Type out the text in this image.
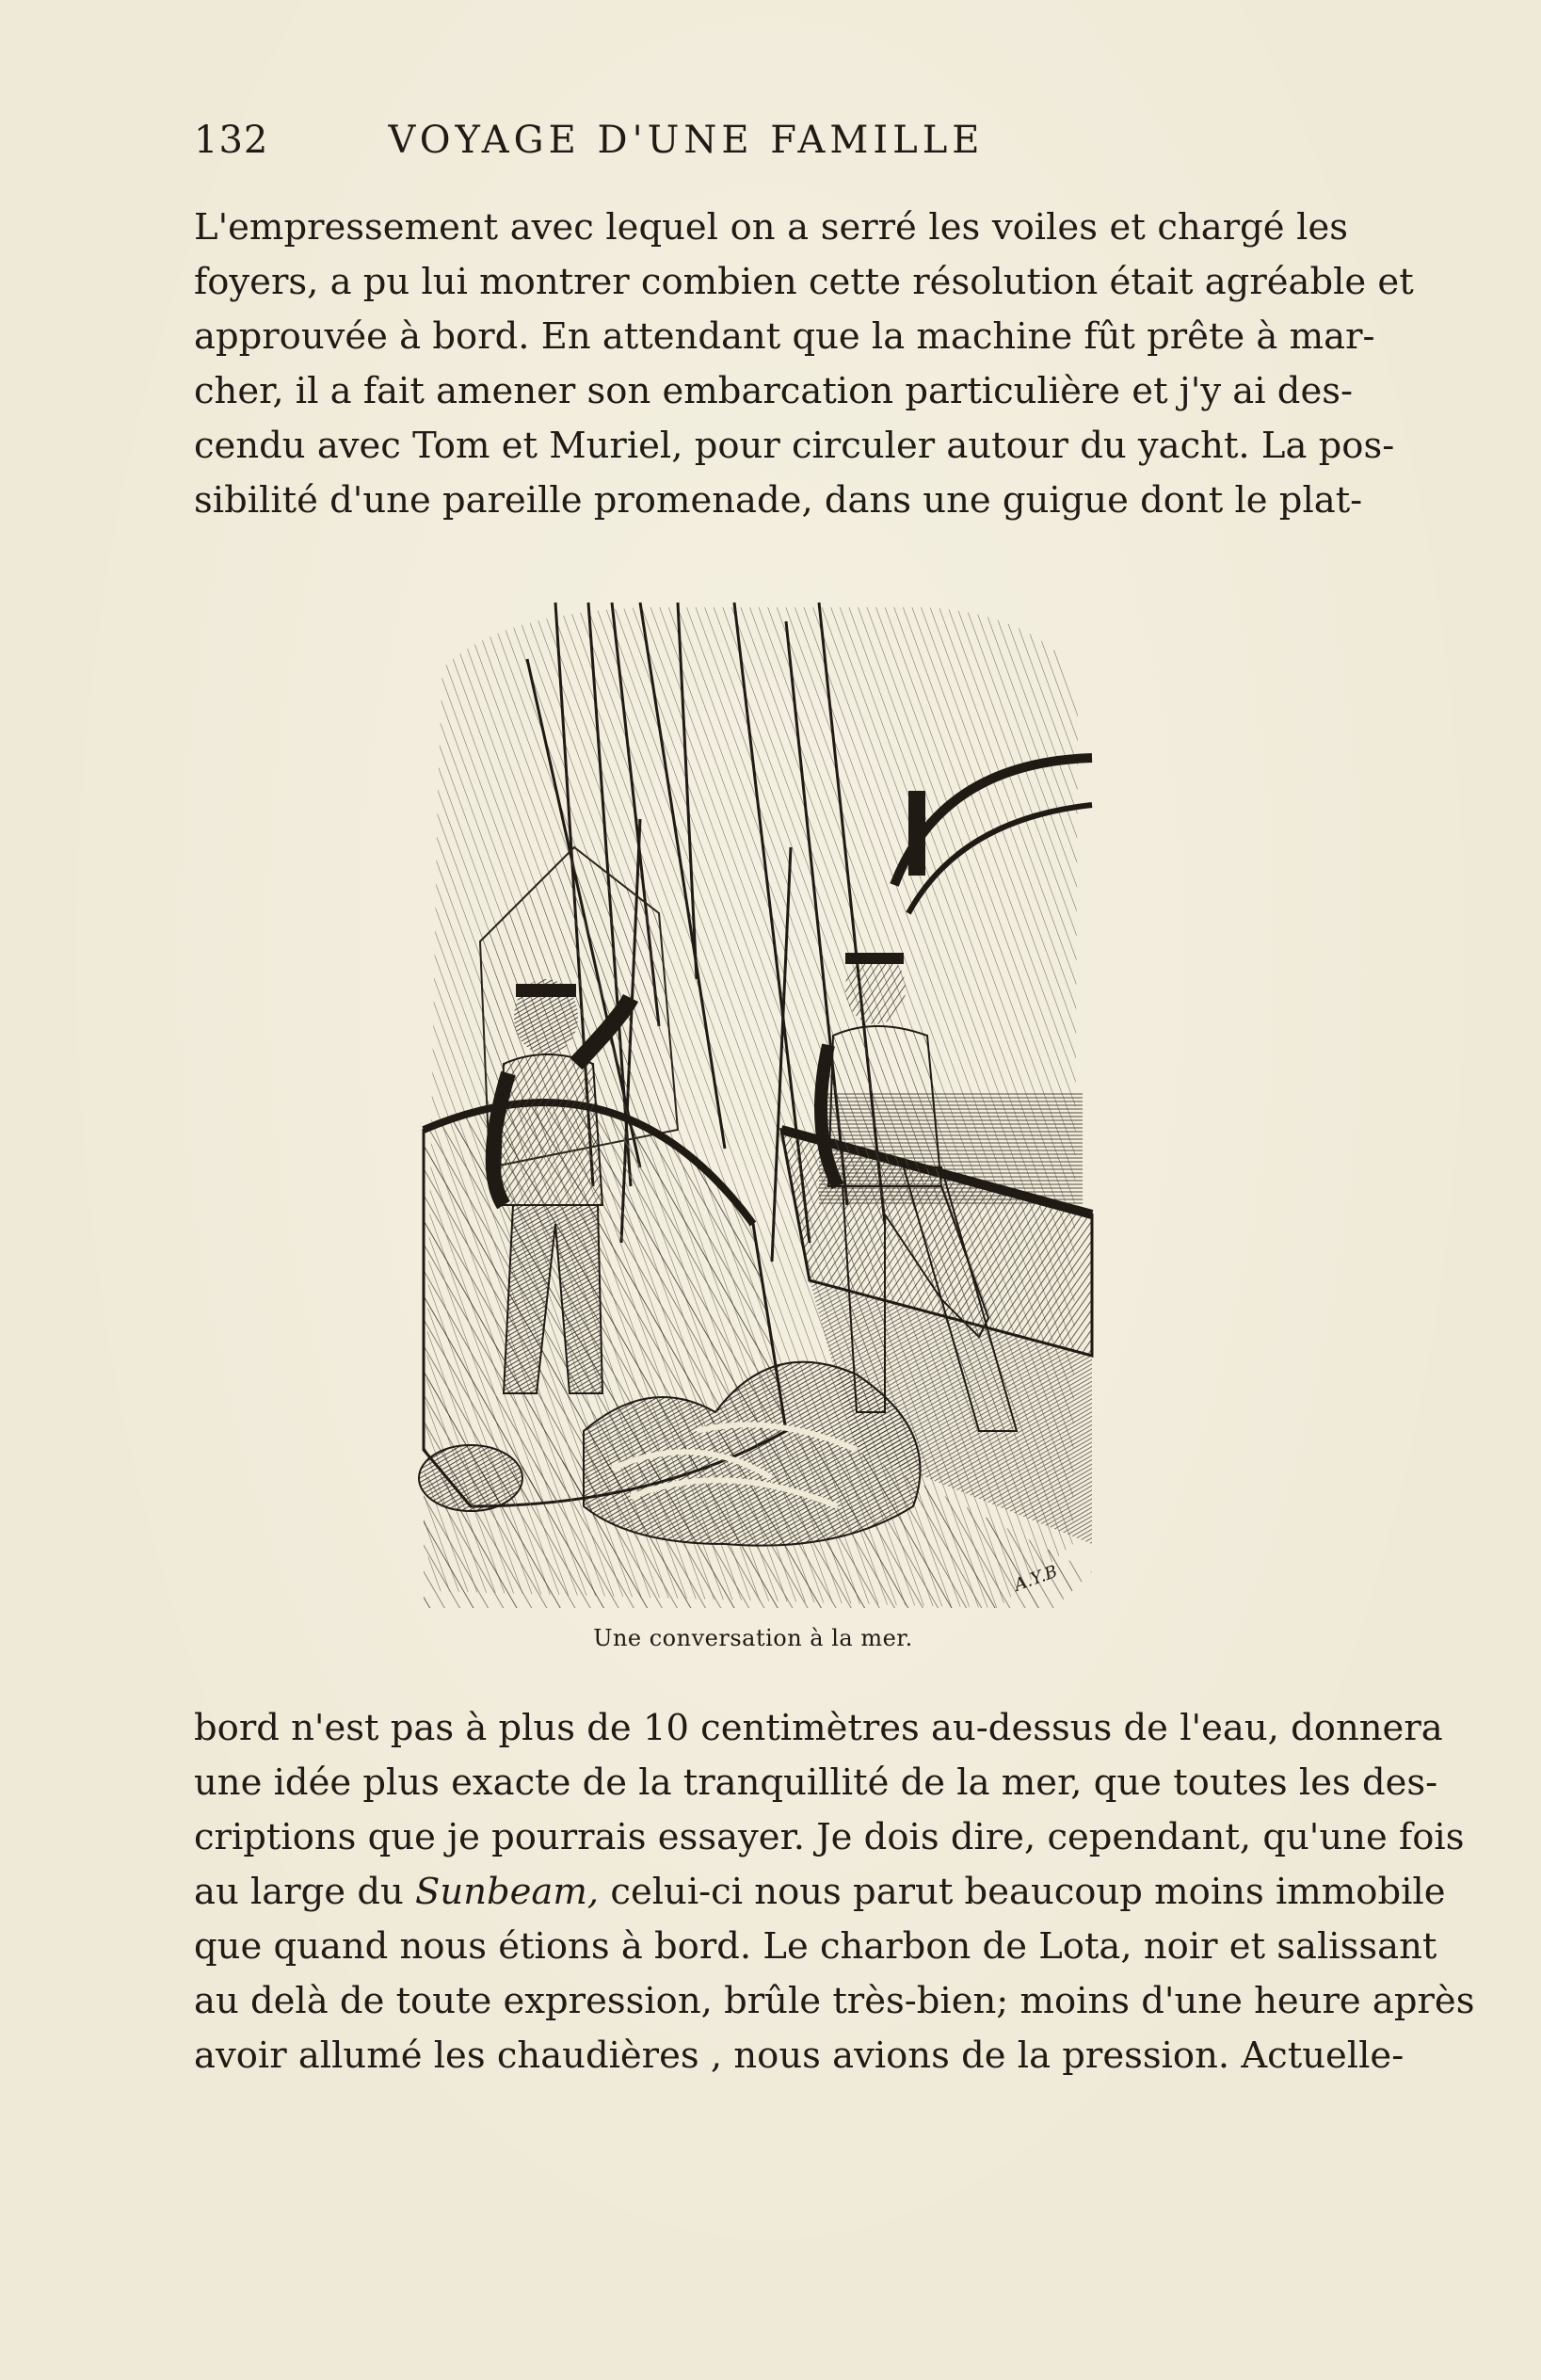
132	VOYAGE D'UNE FAMILLE
L'empressement avec lequel on a serré les voiles et chargé les
foyers, a pu lui montrer combien cette résolution était agréable et
approuvée à bord. En attendant que la machine fût prête à mar-
cher, il a fait amener son embarcation particulière et j'y ai des-
cendu avec Tom et Muriel, pour circuler autour du yacht. La pos-
sibilité d'une pareille promenade, dans une guigue dont le plat-
A.Y.B
Une conversation à la mer.
bord n'est pas à plus de 10 centimètres au-dessus de l'eau, donnera
une idée plus exacte de la tranquillité de la mer, que toutes les des-
criptions que je pourrais essayer. Je dois dire, cependant, qu'une fois
au large du Sunbeam, celui-ci nous parut beaucoup moins immobile
que quand nous étions à bord. Le charbon de Lota, noir et salissant
au delà de toute expression, brûle très-bien; moins d'une heure après
avoir allumé les chaudières , nous avions de la pression. Actuelle-
